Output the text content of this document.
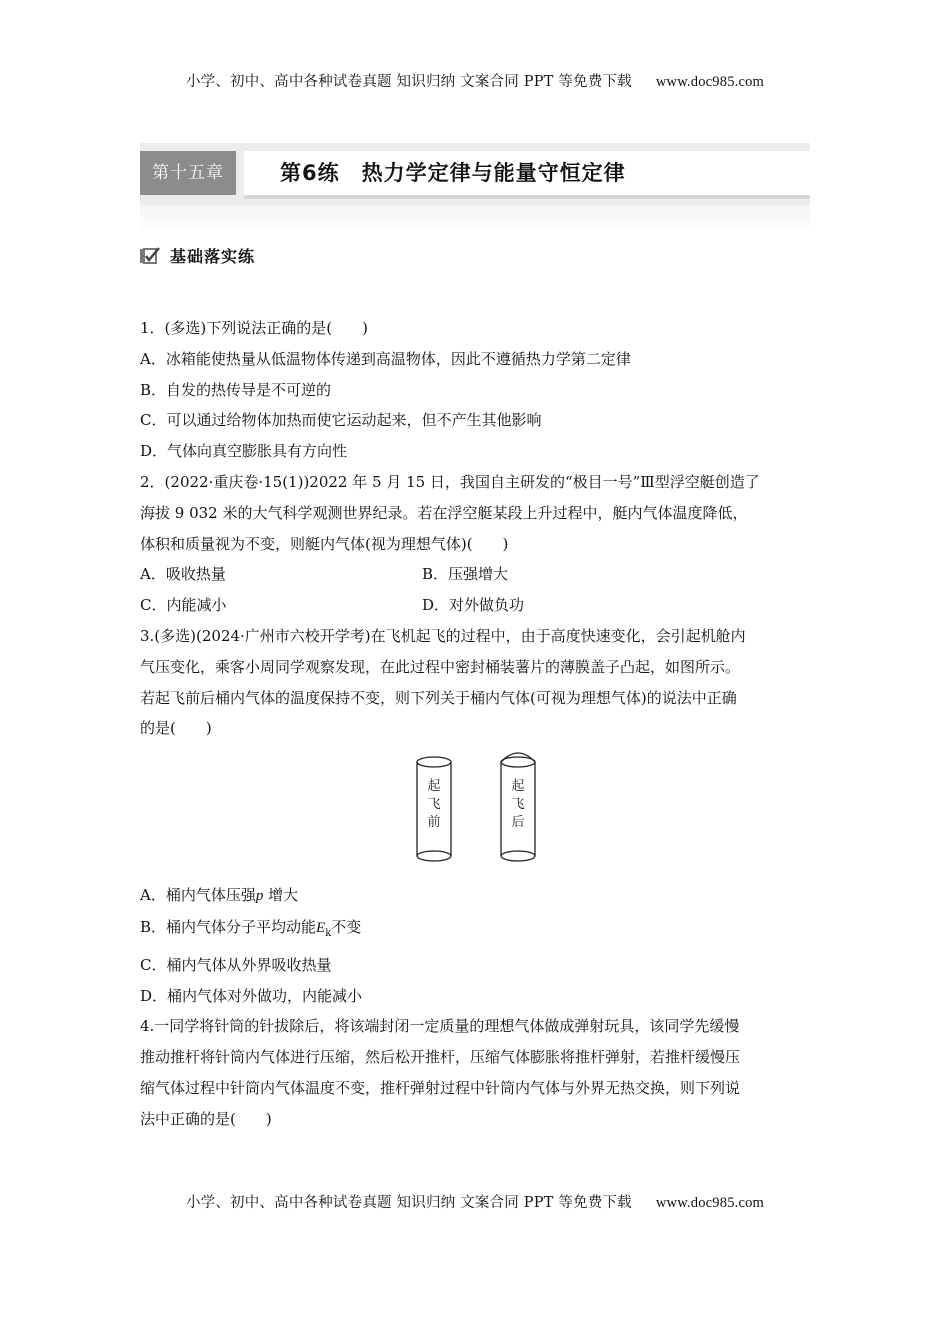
小学、初中、高中各种试卷真题 知识归纳 文案合同 PPT 等免费下载 www.doc985.com
第十五章	第6练　热力学定律与能量守恒定律
基础落实练

1．(多选)下列说法正确的是(　　)

A．冰箱能使热量从低温物体传递到高温物体，因此不遵循热力学第二定律

B．自发的热传导是不可逆的

C．可以通过给物体加热而使它运动起来，但不产生其他影响

D．气体向真空膨胀具有方向性

2．(2022·重庆卷·15(1))2022 年 5 月 15 日，我国自主研发的“极目一号”Ⅲ型浮空艇创造了

海拔 9 032 米的大气科学观测世界纪录。若在浮空艇某段上升过程中，艇内气体温度降低，

体积和质量视为不变，则艇内气体(视为理想气体)(　　)

A．吸收热量	B．压强增大

C．内能减小	D．对外做负功

3.(多选)(2024·广州市六校开学考)在飞机起飞的过程中，由于高度快速变化，会引起机舱内

气压变化，乘客小周同学观察发现，在此过程中密封桶装薯片的薄膜盖子凸起，如图所示。

若起飞前后桶内气体的温度保持不变，则下列关于桶内气体(可视为理想气体)的说法中正确

的是(　　)

起
飞
前
起
飞
后

A．桶内气体压强p 增大

B．桶内气体分子平均动能$E_k$不变

C．桶内气体从外界吸收热量

D．桶内气体对外做功，内能减小

4.一同学将针筒的针拔除后，将该端封闭一定质量的理想气体做成弹射玩具，该同学先缓慢

推动推杆将针筒内气体进行压缩，然后松开推杆，压缩气体膨胀将推杆弹射，若推杆缓慢压

缩气体过程中针筒内气体温度不变，推杆弹射过程中针筒内气体与外界无热交换，则下列说

法中正确的是(　　)

小学、初中、高中各种试卷真题 知识归纳 文案合同 PPT 等免费下载 www.doc985.com
